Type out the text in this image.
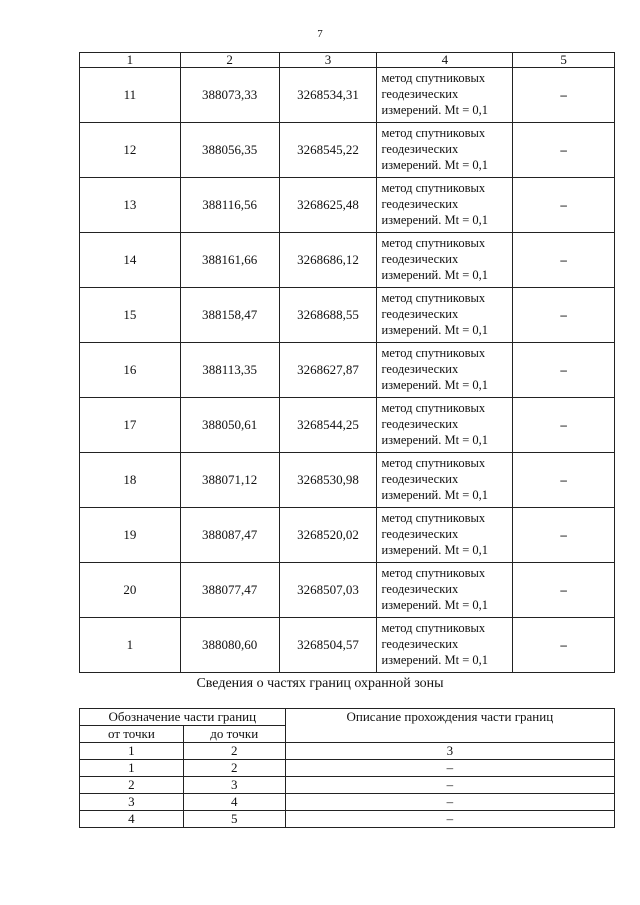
7
1	2	3	4	5
11	388073,33	3268534,31	метод спутниковых
геодезических
измерений. Mt = 0,1	–
12	388056,35	3268545,22	метод спутниковых
геодезических
измерений. Mt = 0,1	–
13	388116,56	3268625,48	метод спутниковых
геодезических
измерений. Mt = 0,1	–
14	388161,66	3268686,12	метод спутниковых
геодезических
измерений. Mt = 0,1	–
15	388158,47	3268688,55	метод спутниковых
геодезических
измерений. Mt = 0,1	–
16	388113,35	3268627,87	метод спутниковых
геодезических
измерений. Mt = 0,1	–
17	388050,61	3268544,25	метод спутниковых
геодезических
измерений. Mt = 0,1	–
18	388071,12	3268530,98	метод спутниковых
геодезических
измерений. Mt = 0,1	–
19	388087,47	3268520,02	метод спутниковых
геодезических
измерений. Mt = 0,1	–
20	388077,47	3268507,03	метод спутниковых
геодезических
измерений. Mt = 0,1	–
1	388080,60	3268504,57	метод спутниковых
геодезических
измерений. Mt = 0,1	–
Сведения о частях границ охранной зоны
Обозначение части границ		Описание прохождения части границ
от точки	до точки	
1	2	3
1	2	–
2	3	–
3	4	–
4	5	–
